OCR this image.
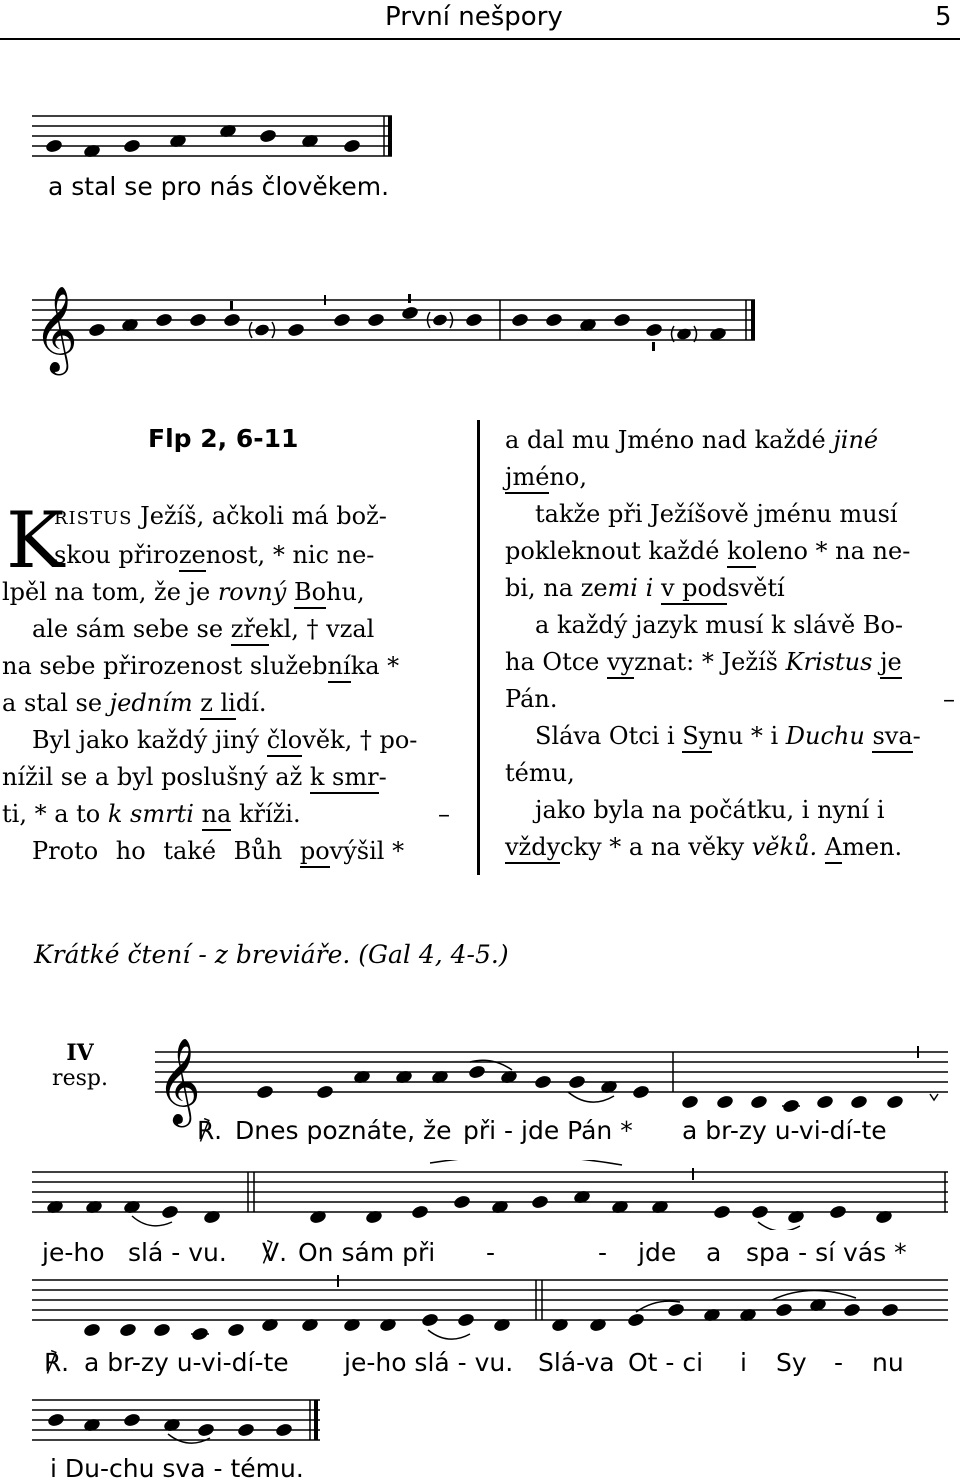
První nešpory	5
a stal se pro nás člověkem.
𝄞
Flp 2, 6-11
K
RISTUS Ježíš, ačkoli má bož-
skou přirozenost, * nic ne-
lpěl na tom, že je rovný Bohu,
ale sám sebe se zřekl, † vzal
na sebe přirozenost služebníka *
a stal se jedním z lidí.
Byl jako každý jiný člověk, † po-
nížil se a byl poslušný až k smr-
ti, * a to k smrti na kříži.	–
Proto ho také Bůh povýšil *
a dal mu Jméno nad každé jiné
jméno,
takže při Ježíšově jménu musí
pokleknout každé koleno * na ne-
bi, na zemi i v podsvětí
a každý jazyk musí k slávě Bo-
ha Otce vyznat: * Ježíš Kristus je
Pán.	–
Sláva Otci i Synu * i Duchu sva-
tému,
jako byla na počátku, i nyní i
vždycky * a na věky věků. Amen.
Krátké čtení - z breviáře. (Gal 4, 4-5.)
IV
resp. 𝄞
℟. Dnes poznáte, že při - jde Pán * a br-zy u-vi-dí-te
je-ho slá - vu. ℣. On sám při -	- jde a spa - sí vás *
℟. a br-zy u-vi-dí-te je-ho slá - vu. Slá-va Ot - ci i Sy - nu
i Du-chu sva - tému.
